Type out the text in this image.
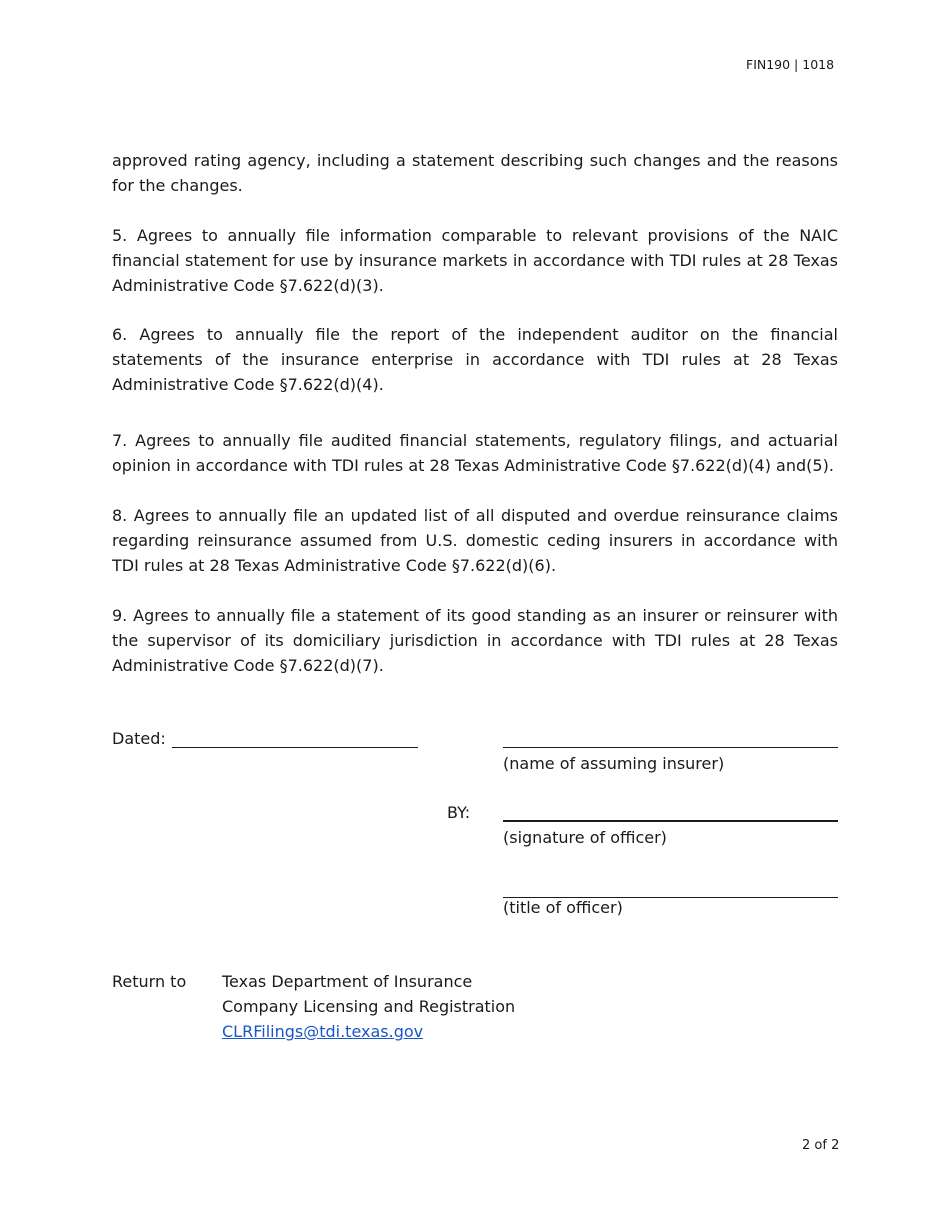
FIN190 | 1018

approved rating agency, including a statement describing such changes and the reasons for the changes.

5. Agrees to annually file information comparable to relevant provisions of the NAIC financial statement for use by insurance markets in accordance with TDI rules at 28 Texas Administrative Code §7.622(d)(3).

6. Agrees to annually file the report of the independent auditor on the financial statements of the insurance enterprise in accordance with TDI rules at 28 Texas Administrative Code §7.622(d)(4).

7. Agrees to annually file audited financial statements, regulatory filings, and actuarial opinion in accordance with TDI rules at 28 Texas Administrative Code §7.622(d)(4) and(5).

8. Agrees to annually file an updated list of all disputed and overdue reinsurance claims regarding reinsurance assumed from U.S. domestic ceding insurers in accordance with TDI rules at 28 Texas Administrative Code §7.622(d)(6).

9. Agrees to annually file a statement of its good standing as an insurer or reinsurer with the supervisor of its domiciliary jurisdiction in accordance with TDI rules at 28 Texas Administrative Code §7.622(d)(7).

Dated:
(name of assuming insurer)
BY:
(signature of officer)
(title of officer)
Return to Texas Department of Insurance
Company Licensing and Registration
CLRFilings@tdi.texas.gov
2 of 2
